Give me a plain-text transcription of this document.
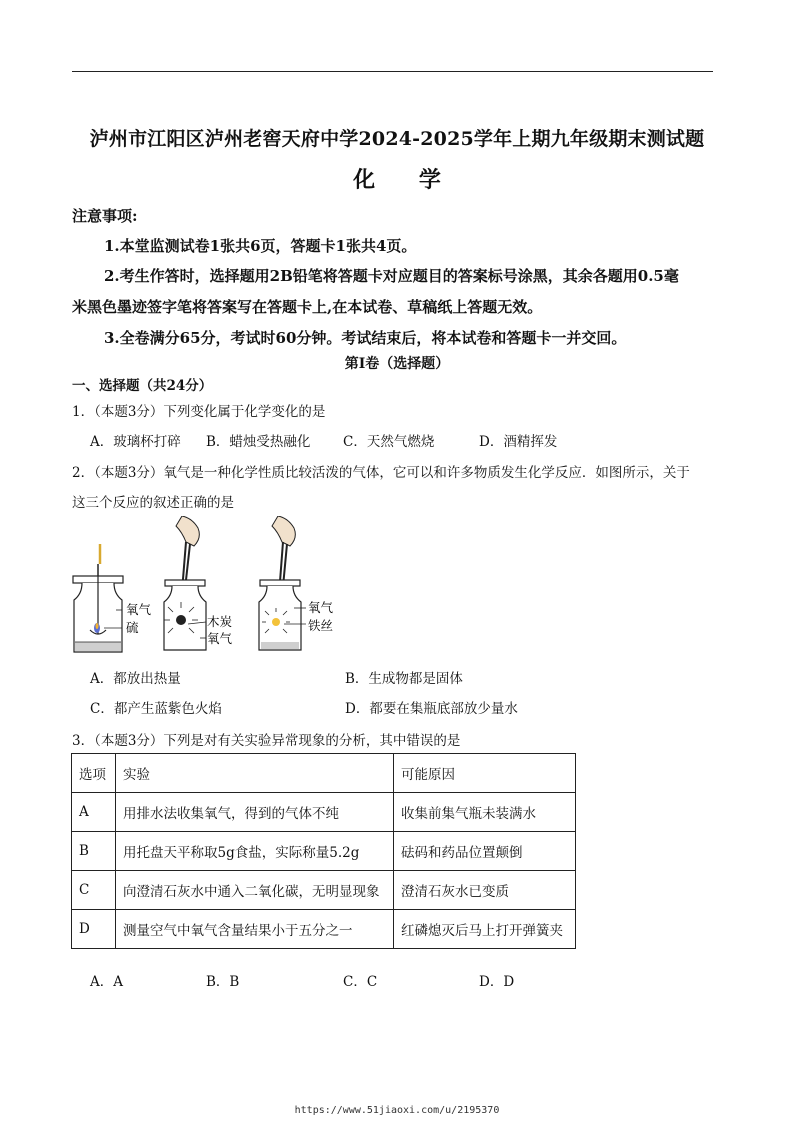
泸州市江阳区泸州老窖天府中学2024-2025学年上期九年级期末测试题
化 学
注意事项:
1.本堂监测试卷1张共6页，答题卡1张共4页。
2.考生作答时，选择题用2B铅笔将答题卡对应题目的答案标号涂黑，其余各题用0.5毫
米黑色墨迹签字笔将答案写在答题卡上,在本试卷、草稿纸上答题无效。
3.全卷满分65分，考试时60分钟。考试结束后，将本试卷和答题卡一并交回。
第Ⅰ卷（选择题）
一、选择题（共24分）
1．（本题3分）下列变化属于化学变化的是
A．玻璃杯打碎 B．蜡烛受热融化 C．天然气燃烧	D．酒精挥发
2．（本题3分）氧气是一种化学性质比较活泼的气体，它可以和许多物质发生化学反应．如图所示，关于
这三个反应的叙述正确的是
氧气
硫	木炭
氧气
氧气
铁丝
A．都放出热量	B．生成物都是固体
C．都产生蓝紫色火焰	D．都要在集瓶底部放少量水
3．（本题3分）下列是对有关实验异常现象的分析，其中错误的是
选项	实验	可能原因
A	用排水法收集氧气，得到的气体不纯	收集前集气瓶未装满水
B	用托盘天平称取5g食盐，实际称量5.2g	砝码和药品位置颠倒
C	向澄清石灰水中通入二氧化碳，无明显现象	澄清石灰水已变质
D	测量空气中氧气含量结果小于五分之一	红磷熄灭后马上打开弹簧夹
A．A	B．B	C．C	D．D
https://www.51jiaoxi.com/u/2195370
